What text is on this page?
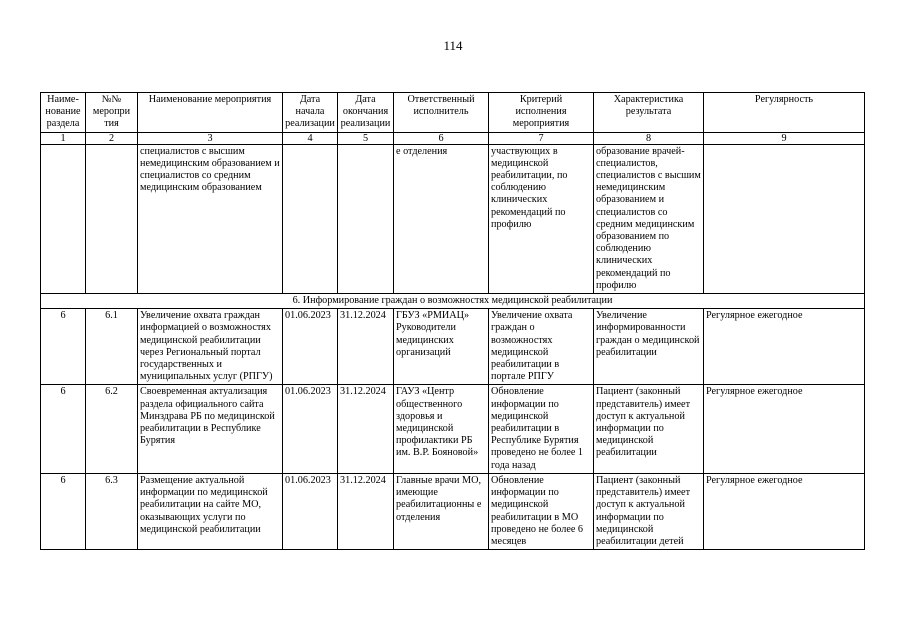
114
Наиме-
нование
раздела	№№
меропри
тия	Наименование мероприятия	Дата
начала
реализации	Дата
окончания
реализации	Ответственный
исполнитель	Критерий
исполнения
мероприятия	Характеристика
результата	Регулярность
1	2	3	4	5	6	7	8	9
		специалистов с высшим немедицинским образованием и специалистов со средним медицинским образованием			е отделения	участвующих в медицинской реабилитации, по соблюдению клинических рекомендаций по профилю	образование врачей-специалистов, специалистов с высшим немедицинским образованием и специалистов со средним медицинским образованием по соблюдению клинических рекомендаций по профилю	
6. Информирование граждан о возможностях медицинской реабилитации								
6	6.1	Увеличение охвата граждан информацией о возможностях медицинской реабилитации через Региональный портал государственных и муниципальных услуг (РПГУ)	01.06.2023	31.12.2024	ГБУЗ «РМИАЦ» Руководители медицинских организаций	Увеличение охвата граждан о возможностях медицинской реабилитации в портале РПГУ	Увеличение информированности граждан о медицинской реабилитации	Регулярное ежегодное
6	6.2	Своевременная актуализация раздела официального сайта Минздрава РБ по медицинской реабилитации в Республике Бурятия	01.06.2023	31.12.2024	ГАУЗ «Центр общественного здоровья и медицинской профилактики РБ им. В.Р. Бояновой»	Обновление информации по медицинской реабилитации в Республике Бурятия проведено не более 1 года назад	Пациент (законный представитель) имеет доступ к актуальной информации по медицинской реабилитации	Регулярное ежегодное
6	6.3	Размещение актуальной информации по медицинской реабилитации на сайте МО, оказывающих услуги по медицинской реабилитации	01.06.2023	31.12.2024	Главные врачи МО, имеющие реабилитационны е отделения	Обновление информации по медицинской реабилитации в МО проведено не более 6 месяцев	Пациент (законный представитель) имеет доступ к актуальной информации по медицинской реабилитации детей	Регулярное ежегодное
